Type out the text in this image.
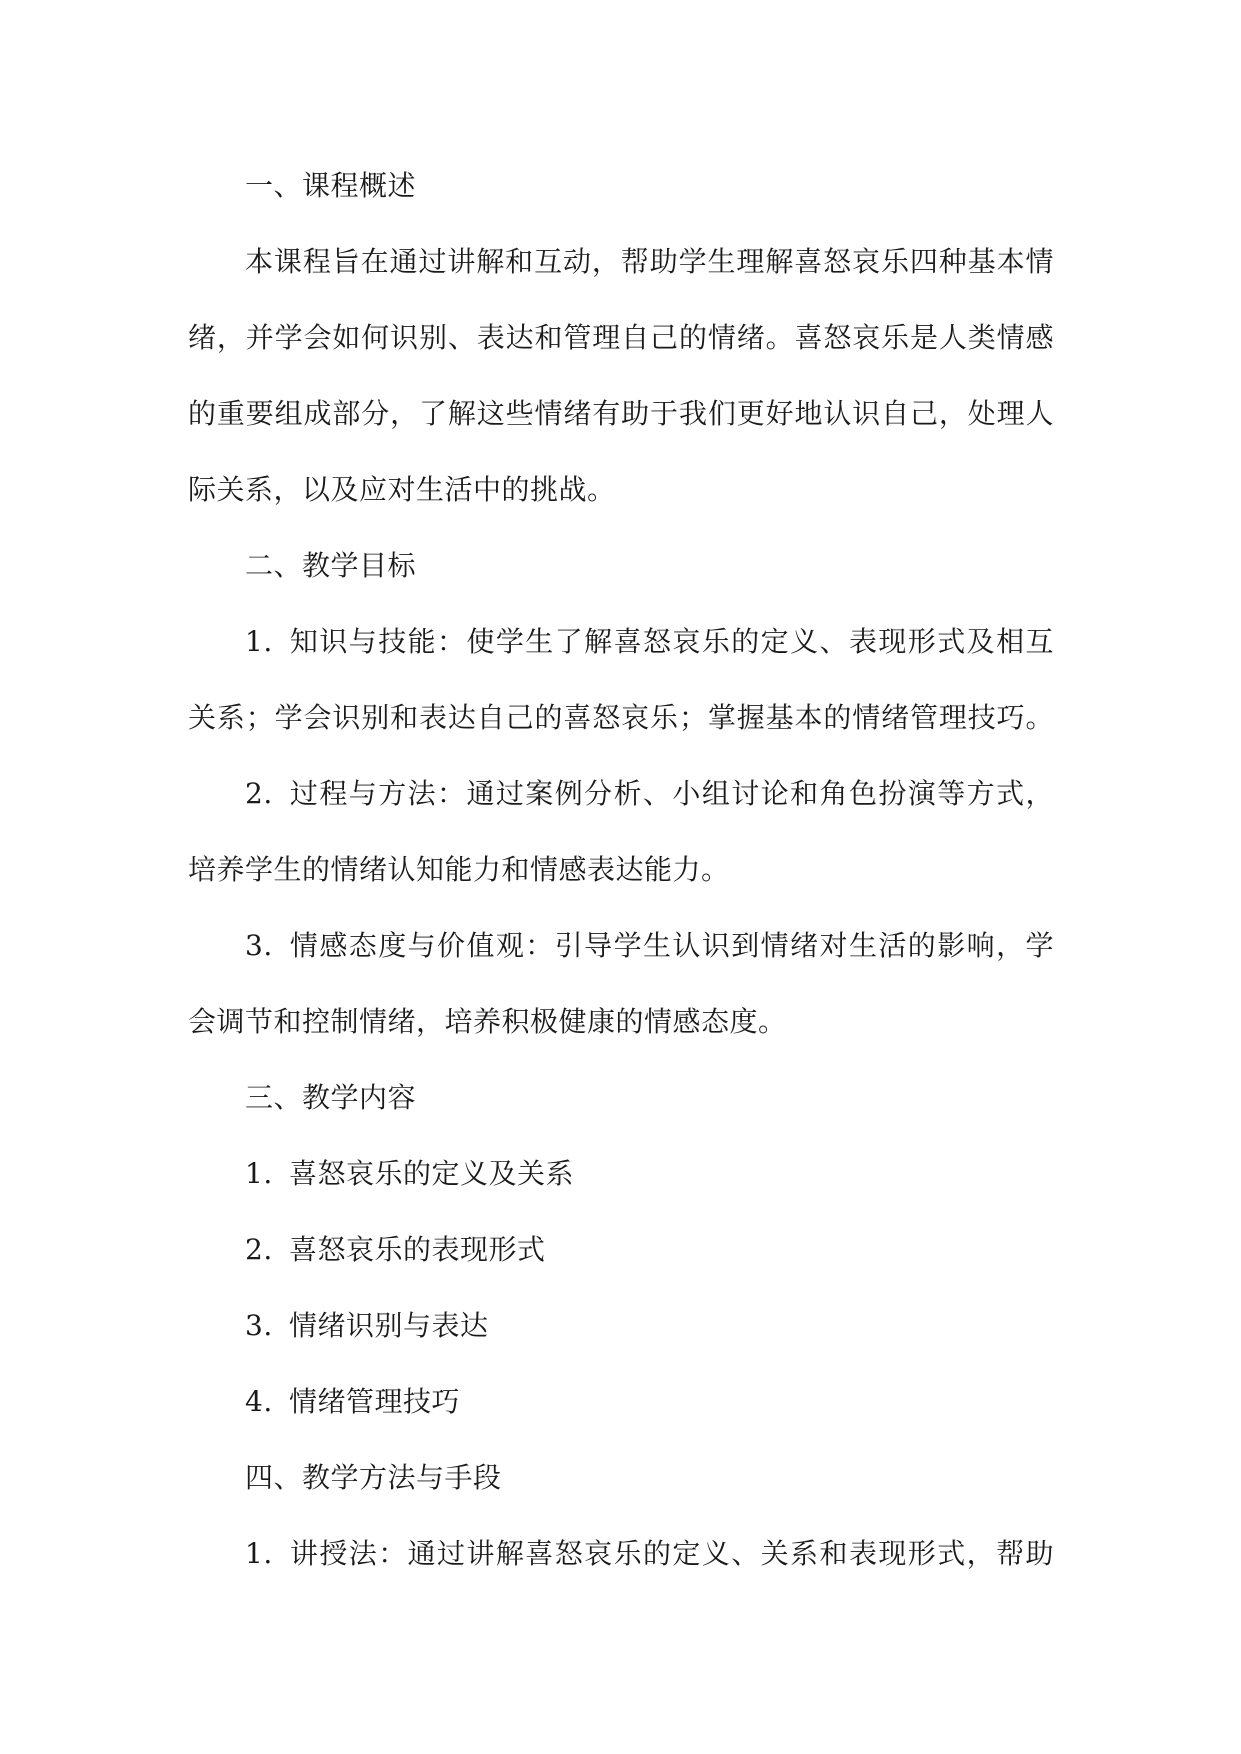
一、课程概述
本课程旨在通过讲解和互动，帮助学生理解喜怒哀乐四种基本情
绪，并学会如何识别、表达和管理自己的情绪。喜怒哀乐是人类情感
的重要组成部分，了解这些情绪有助于我们更好地认识自己，处理人
际关系，以及应对生活中的挑战。
二、教学目标
1. 知识与技能：使学生了解喜怒哀乐的定义、表现形式及相互
关系；学会识别和表达自己的喜怒哀乐；掌握基本的情绪管理技巧。
2. 过程与方法：通过案例分析、小组讨论和角色扮演等方式，
培养学生的情绪认知能力和情感表达能力。
3. 情感态度与价值观：引导学生认识到情绪对生活的影响，学
会调节和控制情绪，培养积极健康的情感态度。
三、教学内容
1. 喜怒哀乐的定义及关系
2. 喜怒哀乐的表现形式
3. 情绪识别与表达
4. 情绪管理技巧
四、教学方法与手段
1. 讲授法：通过讲解喜怒哀乐的定义、关系和表现形式，帮助
